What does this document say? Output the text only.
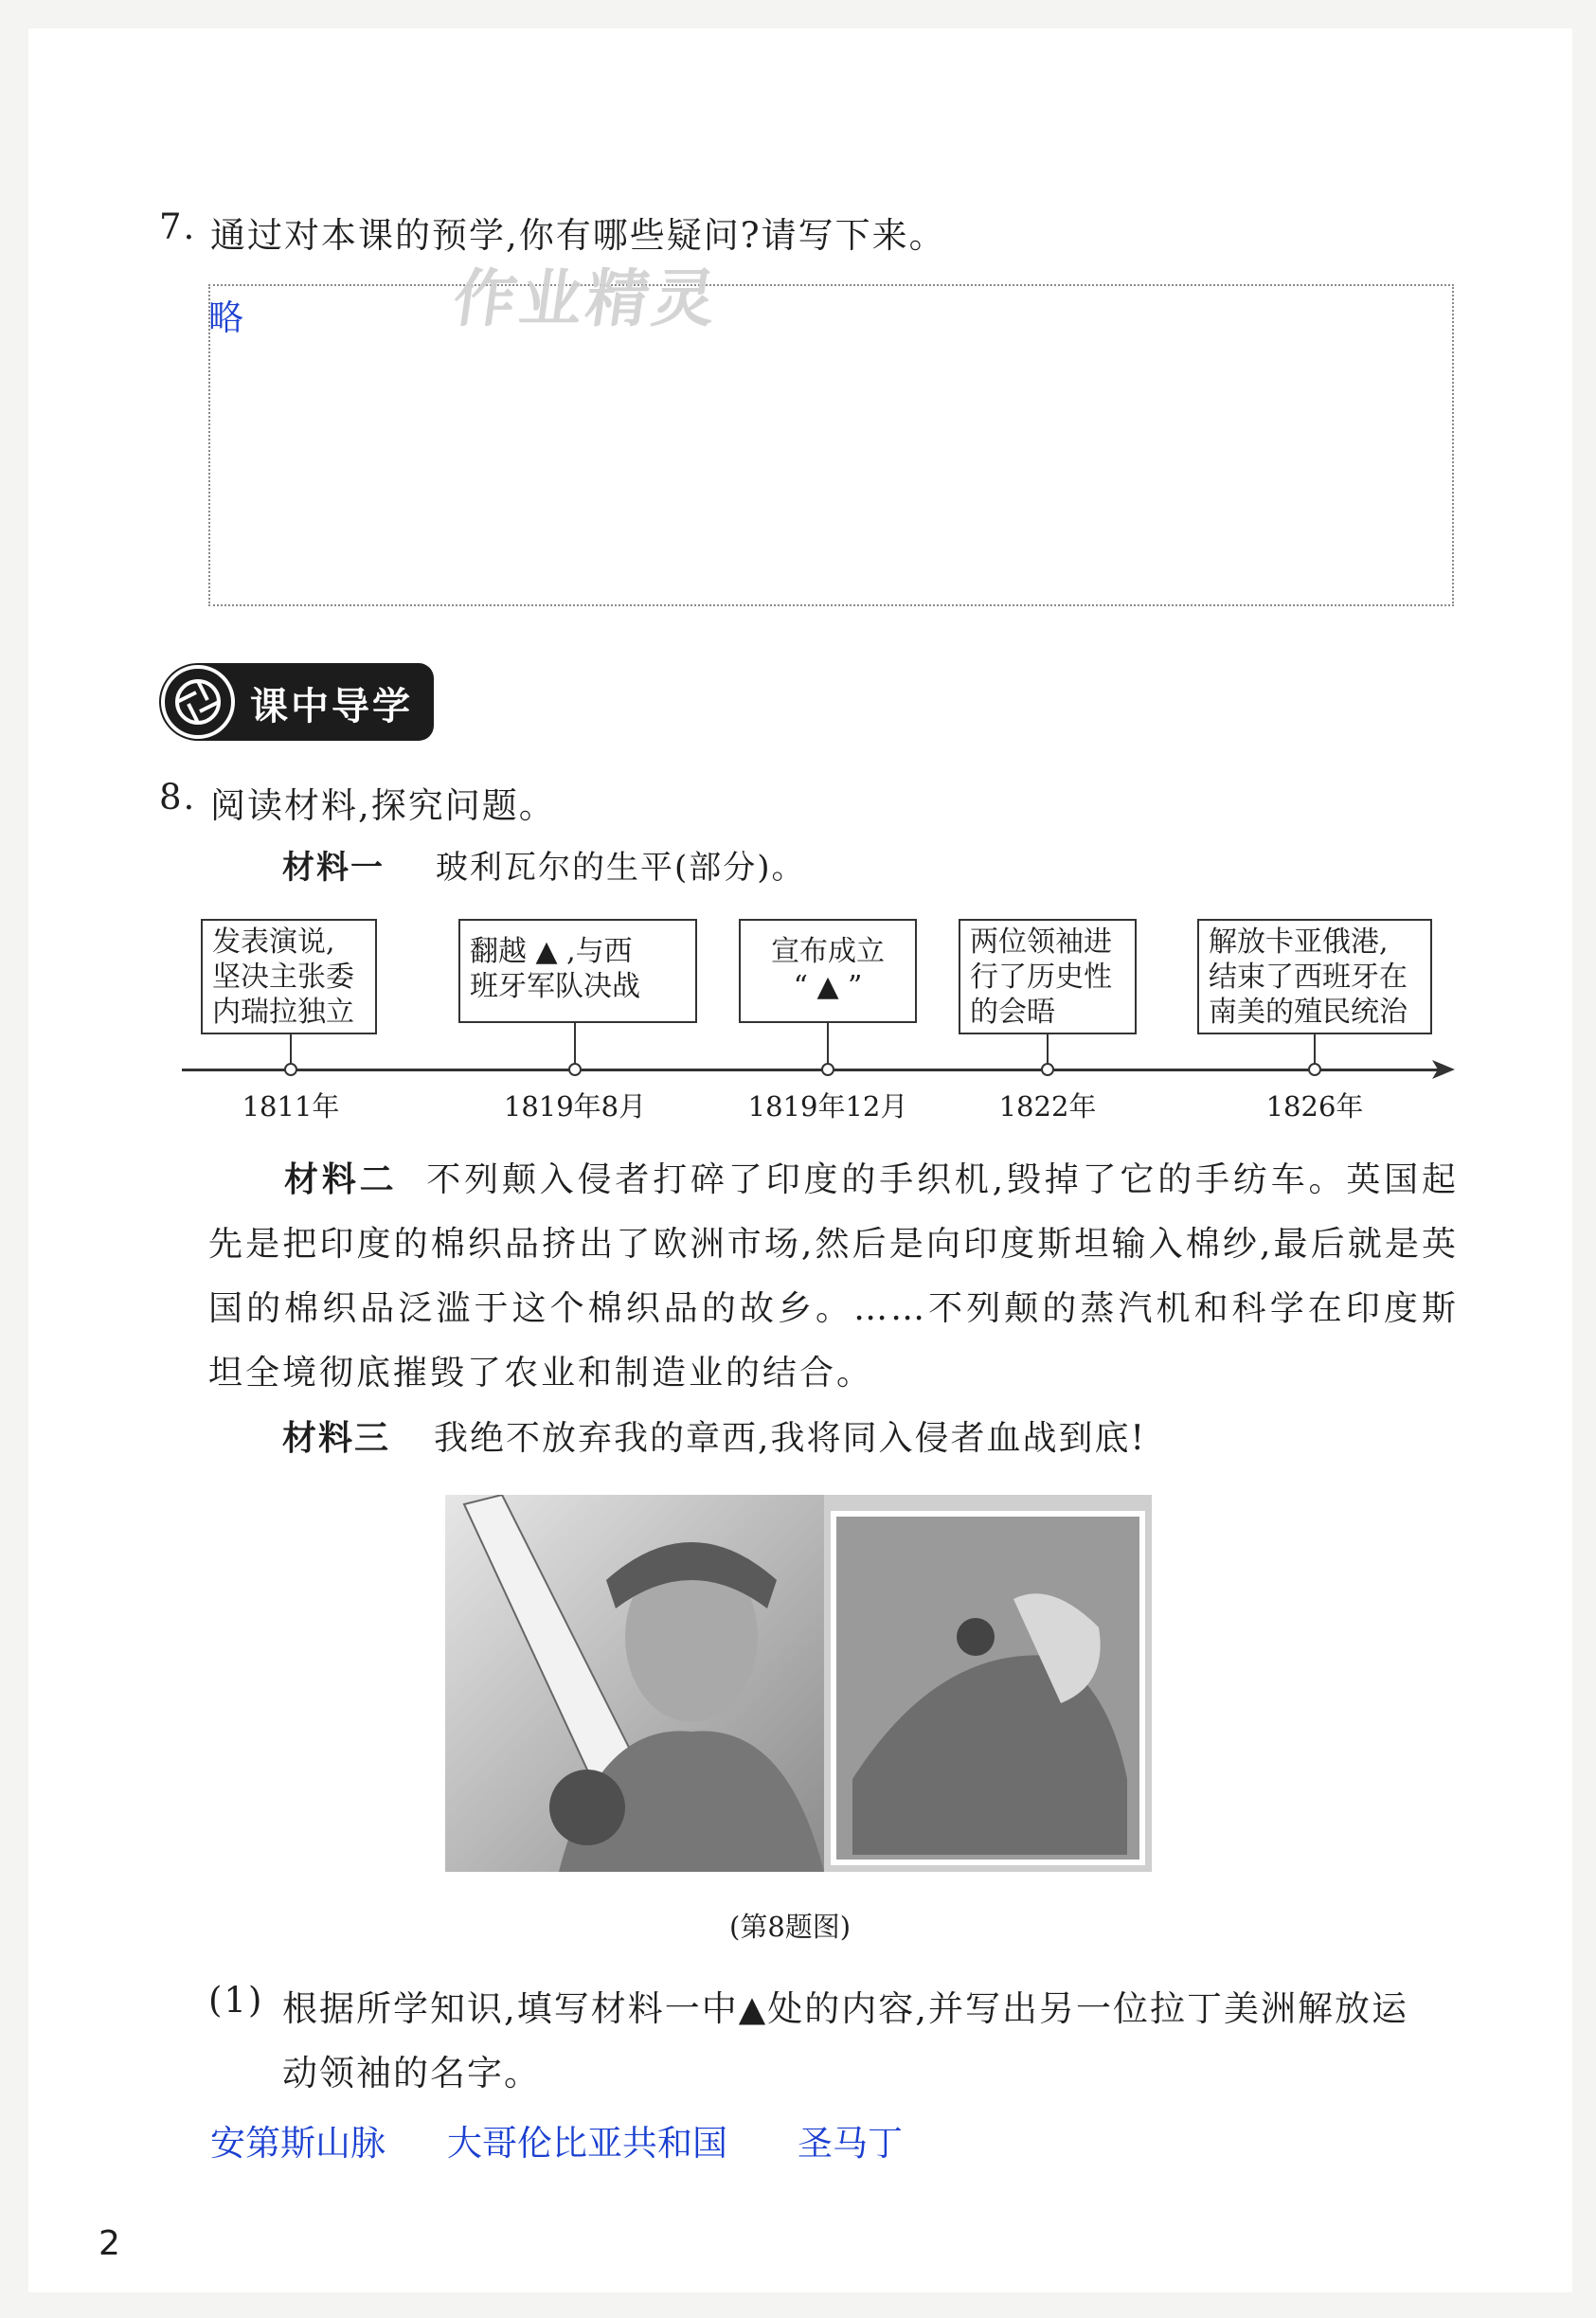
7. 通过对本课的预学,你有哪些疑问?请写下来。
略	作业精灵
课中导学
8. 阅读材料,探究问题。
材料一 玻利瓦尔的生平(部分)。
发表演说,
坚决主张委
内瑞拉独立
1811年
翻越 ▲ ,与西
班牙军队决战
1819年8月
宣布成立
“ ▲ ”
1819年12月
两位领袖进
行了历史性
的会晤
1822年
解放卡亚俄港,
结束了西班牙在
南美的殖民统治
1826年
材料二 不列颠入侵者打碎了印度的手织机,毁掉了它的手纺车。英国起先是把印度的棉织品挤出了欧洲市场,然后是向印度斯坦输入棉纱,最后就是英国的棉织品泛滥于这个棉织品的故乡。……不列颠的蒸汽机和科学在印度斯坦全境彻底摧毁了农业和制造业的结合。
材料三 我绝不放弃我的章西,我将同入侵者血战到底!
(第8题图)
(1) 根据所学知识,填写材料一中▲处的内容,并写出另一位拉丁美洲解放运
动领袖的名字。
安第斯山脉 大哥伦比亚共和国 圣马丁
2
